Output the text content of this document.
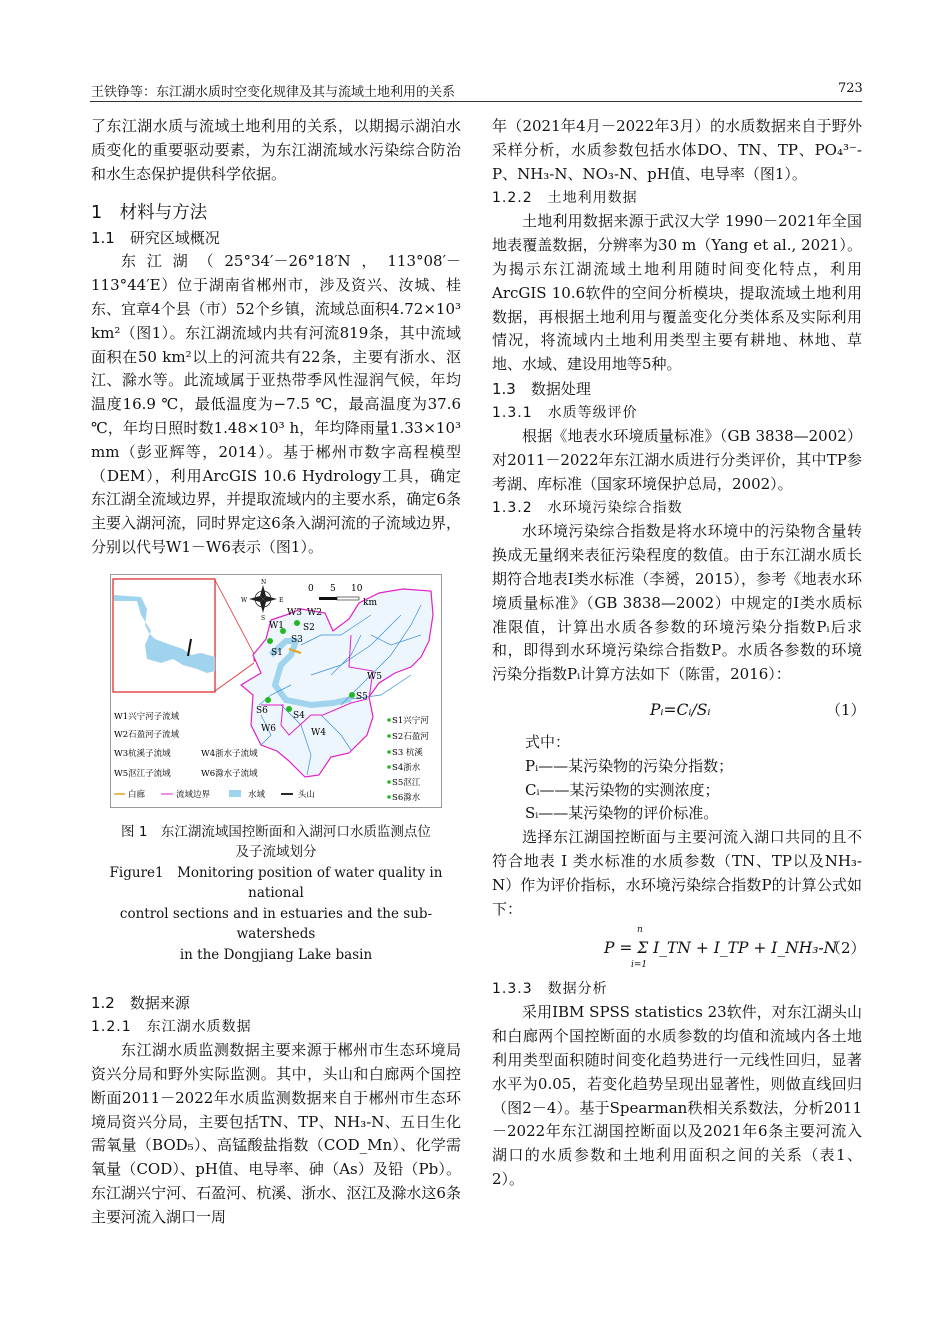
王铁铮等：东江湖水质时空变化规律及其与流域土地利用的关系	723
了东江湖水质与流域土地利用的关系，以期揭示湖泊水质变化的重要驱动要素，为东江湖流域水污染综合防治和水生态保护提供科学依据。
1　材料与方法
1.1　研究区域概况
东江湖（25°34′－26°18′N，113°08′－113°44′E）位于湖南省郴州市，涉及资兴、汝城、桂东、宜章4个县（市）52个乡镇，流域总面积4.72×10³ km²（图1）。东江湖流域内共有河流819条，其中流域面积在50 km²以上的河流共有22条，主要有浙水、沤江、滁水等。此流域属于亚热带季风性湿润气候，年均温度16.9 ℃，最低温度为−7.5 ℃，最高温度为37.6 ℃，年均日照时数1.48×10³ h，年均降雨量1.33×10³ mm（彭亚辉等，2014）。基于郴州市数字高程模型（DEM），利用ArcGIS 10.6 Hydrology工具，确定东江湖全流域边界，并提取流域内的主要水系，确定6条主要入湖河流，同时界定这6条入湖河流的子流域边界，分别以代号W1－W6表示（图1）。
N
S
W	E
0 5 10
km
W1
W2
W3
W4
W5
W6
S1
S2
S3
S4
S5
S6
W1兴宁河子流域
W2石盈河子流域
W3杭溪子流域	W4浙水子流域
W5沤江子流域	W6滁水子流域
S1兴宁河
S2石盈河
S3 杭溪
S4浙水
S5沤江
S6滁水
白廊	流域边界	水域	头山
图 1　东江湖流域国控断面和入湖河口水质监测点位
及子流域划分
Figure1　Monitoring position of water quality in national
control sections and in estuaries and the sub-watersheds
in the Dongjiang Lake basin
1.2　数据来源
1.2.1　东江湖水质数据
东江湖水质监测数据主要来源于郴州市生态环境局资兴分局和野外实际监测。其中，头山和白廊两个国控断面2011－2022年水质监测数据来自于郴州市生态环境局资兴分局，主要包括TN、TP、NH₃-N、五日生化需氧量（BOD₅）、高锰酸盐指数（COD_Mn）、化学需氧量（COD）、pH值、电导率、砷（As）及铅（Pb）。东江湖兴宁河、石盈河、杭溪、浙水、沤江及滁水这6条主要河流入湖口一周
年（2021年4月－2022年3月）的水质数据来自于野外采样分析，水质参数包括水体DO、TN、TP、PO₄³⁻-P、NH₃-N、NO₃-N、pH值、电导率（图1）。
1.2.2　土地利用数据
土地利用数据来源于武汉大学 1990－2021年全国地表覆盖数据，分辨率为30 m（Yang et al., 2021）。为揭示东江湖流域土地利用随时间变化特点，利用ArcGIS 10.6软件的空间分析模块，提取流域土地利用数据，再根据土地利用与覆盖变化分类体系及实际利用情况，将流域内土地利用类型主要有耕地、林地、草地、水域、建设用地等5种。
1.3　数据处理
1.3.1　水质等级评价
根据《地表水环境质量标准》（GB 3838—2002）对2011－2022年东江湖水质进行分类评价，其中TP参考湖、库标准（国家环境保护总局，2002）。
1.3.2　水环境污染综合指数
水环境污染综合指数是将水环境中的污染物含量转换成无量纲来表征污染程度的数值。由于东江湖水质长期符合地表I类水标准（李赟，2015），参考《地表水环境质量标准》（GB 3838—2002）中规定的I类水质标准限值，计算出水质各参数的环境污染分指数Pᵢ后求和，即得到水环境污染综合指数P。水质各参数的环境污染分指数Pᵢ计算方法如下（陈雷，2016）：
Pᵢ=Cᵢ/Sᵢ	（1）
式中：
Pᵢ——某污染物的污染分指数；
Cᵢ——某污染物的实测浓度；
Sᵢ——某污染物的评价标准。
选择东江湖国控断面与主要河流入湖口共同的且不符合地表 I 类水标准的水质参数（TN、TP以及NH₃-N）作为评价指标，水环境污染综合指数P的计算公式如下：
n
P = Σ I_TN + I_TP + I_NH₃-N
i=1
（2）
1.3.3　数据分析
采用IBM SPSS statistics 23软件，对东江湖头山和白廊两个国控断面的水质参数的均值和流域内各土地利用类型面积随时间变化趋势进行一元线性回归，显著水平为0.05，若变化趋势呈现出显著性，则做直线回归（图2－4）。基于Spearman秩相关系数法，分析2011－2022年东江湖国控断面以及2021年6条主要河流入湖口的水质参数和土地利用面积之间的关系（表1、2）。
